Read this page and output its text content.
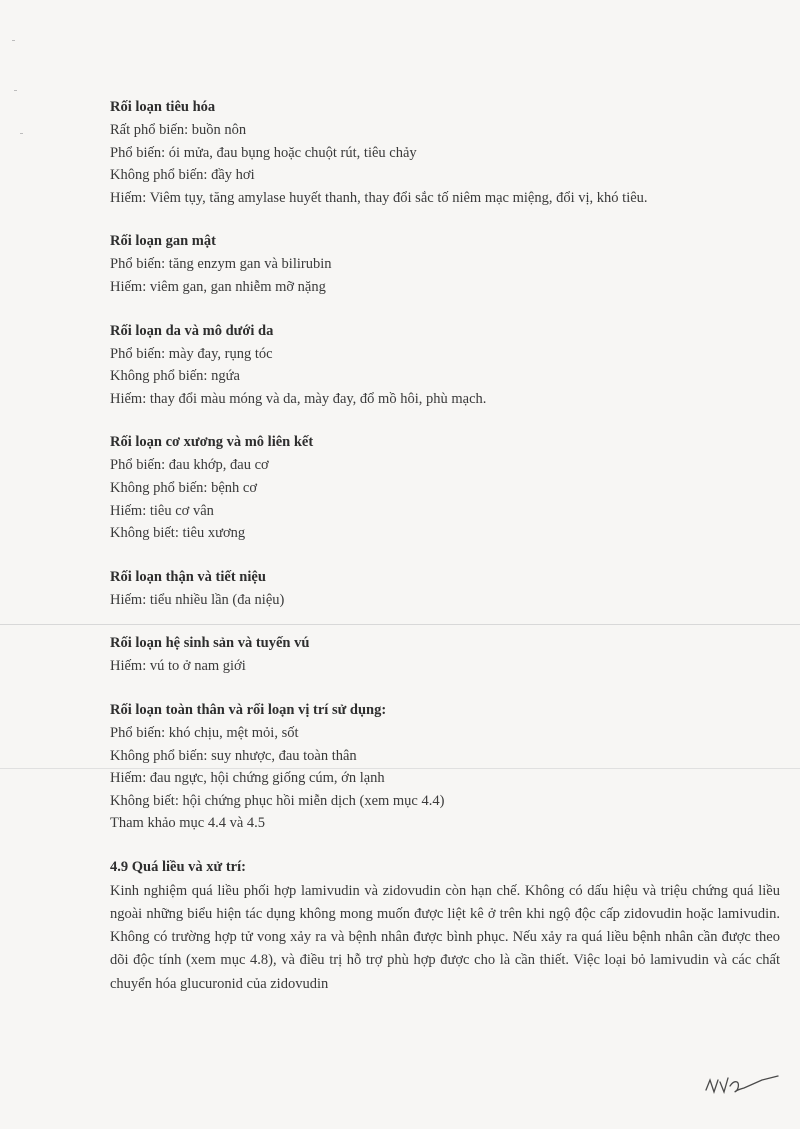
Rối loạn tiêu hóa
Rất phổ biến: buồn nôn
Phổ biến: ói mửa, đau bụng hoặc chuột rút, tiêu chảy
Không phổ biến: đầy hơi
Hiếm: Viêm tụy, tăng amylase huyết thanh, thay đổi sắc tố niêm mạc miệng, đổi vị, khó tiêu.
Rối loạn gan mật
Phổ biến: tăng enzym gan và bilirubin
Hiếm: viêm gan, gan nhiễm mỡ nặng
Rối loạn da và mô dưới da
Phổ biến: mày đay, rụng tóc
Không phổ biến: ngứa
Hiếm: thay đổi màu móng và da, mày đay, đổ mồ hôi, phù mạch.
Rối loạn cơ xương và mô liên kết
Phổ biến: đau khớp, đau cơ
Không phổ biến: bệnh cơ
Hiếm: tiêu cơ vân
Không biết: tiêu xương
Rối loạn thận và tiết niệu
Hiếm: tiểu nhiều lần (đa niệu)
Rối loạn hệ sinh sản và tuyến vú
Hiếm: vú to ở nam giới
Rối loạn toàn thân và rối loạn vị trí sử dụng:
Phổ biến: khó chịu, mệt mỏi, sốt
Không phổ biến: suy nhược, đau toàn thân
Hiếm: đau ngực, hội chứng giống cúm, ớn lạnh
Không biết: hội chứng phục hồi miễn dịch (xem mục 4.4)
Tham khảo mục 4.4 và 4.5
4.9 Quá liều và xử trí:
Kinh nghiệm quá liều phối hợp lamivudin và zidovudin còn hạn chế. Không có dấu hiệu và triệu chứng quá liều ngoài những biểu hiện tác dụng không mong muốn được liệt kê ở trên khi ngộ độc cấp zidovudin hoặc lamivudin. Không có trường hợp tử vong xảy ra và bệnh nhân được bình phục. Nếu xảy ra quá liều bệnh nhân cần được theo dõi độc tính (xem mục 4.8), và điều trị hỗ trợ phù hợp được cho là cần thiết. Việc loại bỏ lamivudin và các chất chuyển hóa glucuronid của zidovudin
